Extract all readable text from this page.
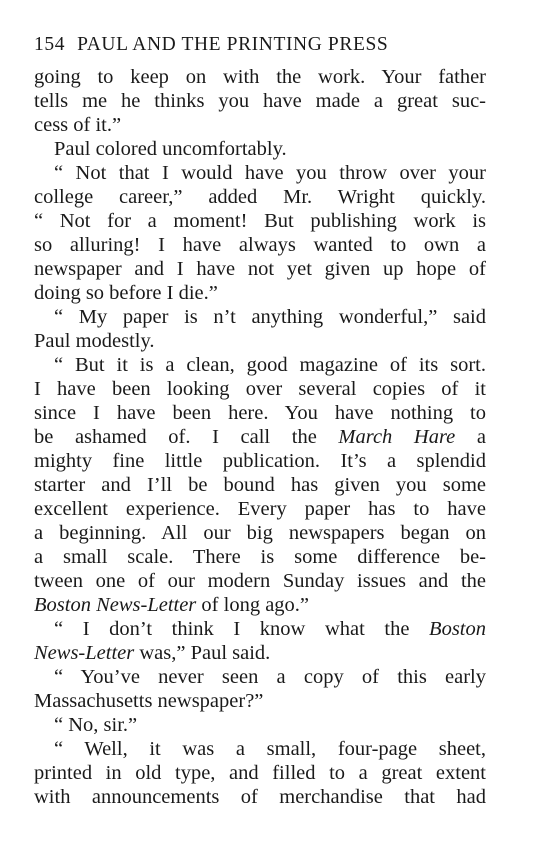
154 PAUL AND THE PRINTING PRESS
going to keep on with the work. Your father
tells me he thinks you have made a great suc-
cess of it.”
Paul colored uncomfortably.
“ Not that I would have you throw over your
college career,” added Mr. Wright quickly.
“ Not for a moment! But publishing work is
so alluring! I have always wanted to own a
newspaper and I have not yet given up hope of
doing so before I die.”
“ My paper is n’t anything wonderful,” said
Paul modestly.
“ But it is a clean, good magazine of its sort.
I have been looking over several copies of it
since I have been here. You have nothing to
be ashamed of. I call the March Hare a
mighty fine little publication. It’s a splendid
starter and I’ll be bound has given you some
excellent experience. Every paper has to have
a beginning. All our big newspapers began on
a small scale. There is some difference be-
tween one of our modern Sunday issues and the
Boston News-Letter of long ago.”
“ I don’t think I know what the Boston
News-Letter was,” Paul said.
“ You’ve never seen a copy of this early
Massachusetts newspaper?”
“ No, sir.”
“ Well, it was a small, four-page sheet,
printed in old type, and filled to a great extent
with announcements of merchandise that had
